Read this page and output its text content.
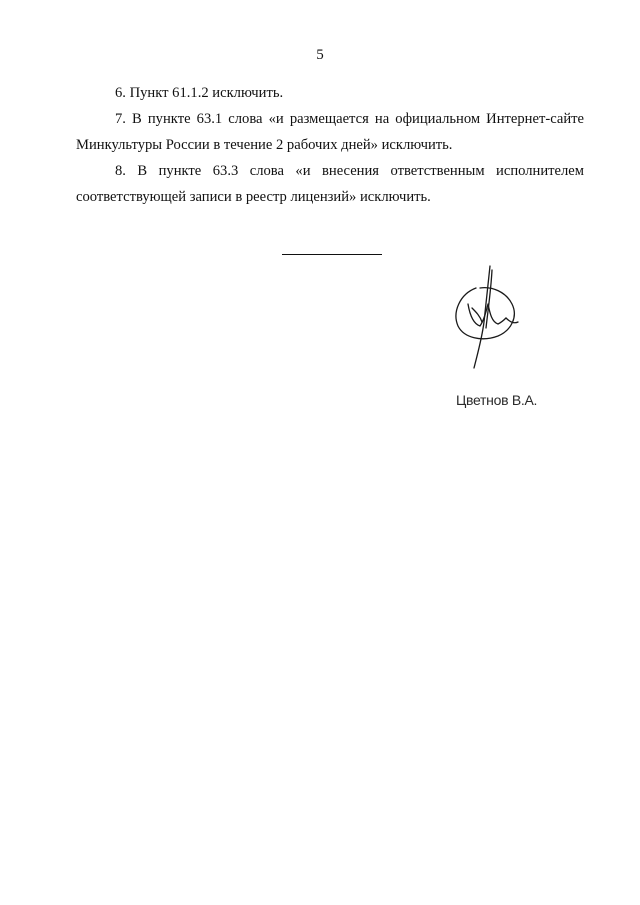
5

6. Пункт 61.1.2 исключить.

7. В пункте 63.1 слова «и размещается на официальном Интернет-сайте Минкультуры России в течение 2 рабочих дней» исключить.

8. В пункте 63.3 слова «и внесения ответственным исполнителем соответствующей записи в реестр лицензий» исключить.

Цветнов В.А.
